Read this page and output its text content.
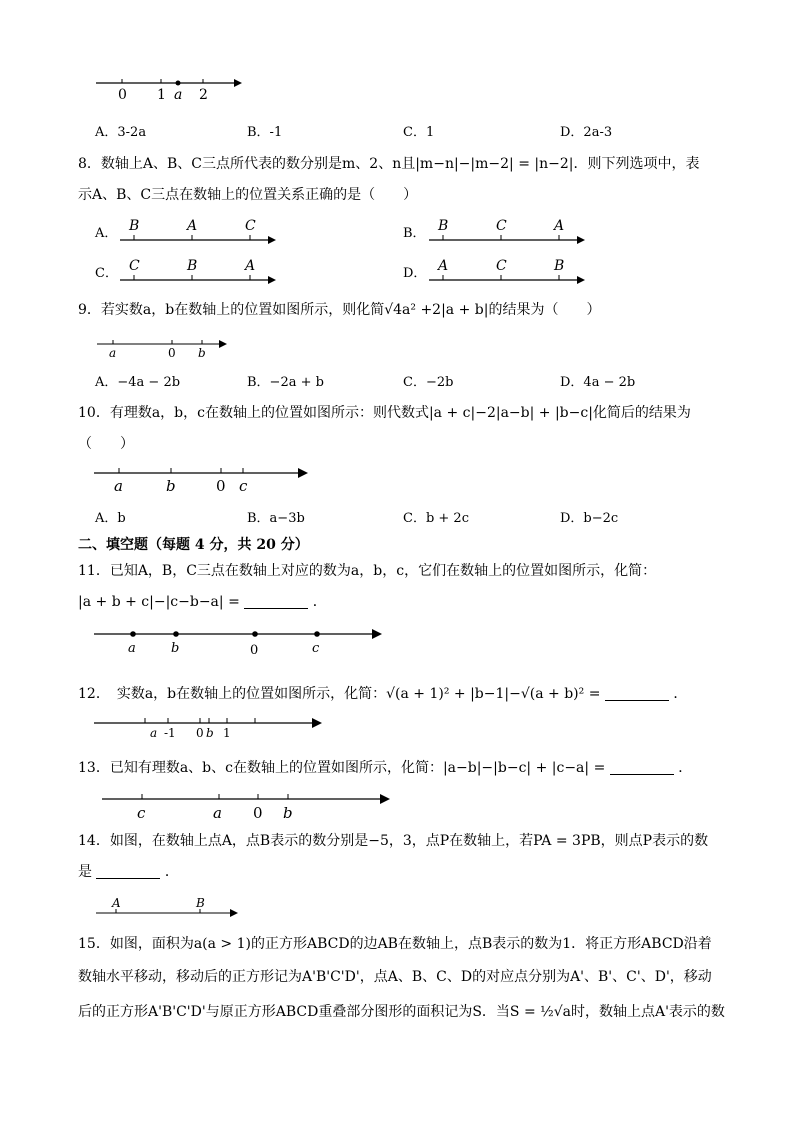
0 1 a 2
A．3-2a	B．-1	C．1	D．2a-3
8．数轴上A、B、C三点所代表的数分别是m、2、n且|m−n|−|m−2| = |n−2|．则下列选项中，表
示A、B、C三点在数轴上的位置关系正确的是（　　）
A． B	A	C	B． B	C	A
C． C	B	A	D． A	C	B
9．若实数a，b在数轴上的位置如图所示，则化简√4a² +2|a + b|的结果为（　　）
a	0 b
A．−4a − 2b	B．−2a + b	C．−2b	D．4a − 2b
10．有理数a，b，c在数轴上的位置如图所示：则代数式|a + c|−2|a−b| + |b−c|化简后的结果为
（　　）
a	b	0 c
A．b	B．a−3b	C．b + 2c	D．b−2c
二、填空题（每题 4 分，共 20 分）
11．已知A，B，C三点在数轴上对应的数为a，b，c，它们在数轴上的位置如图所示，化简：
|a + b + c|−|c−b−a| =	．
a	b	0	c
12．　实数a，b在数轴上的位置如图所示，化简：√(a + 1)² + |b−1|−√(a + b)² =	．
a -1 0 b 1
13．已知有理数a、b、c在数轴上的位置如图所示，化简：|a−b|−|b−c| + |c−a| =	．
c	a 0 b
14．如图，在数轴上点A，点B表示的数分别是−5，3，点P在数轴上，若PA = 3PB，则点P表示的数
是	．
A	B
15．如图，面积为a(a > 1)的正方形ABCD的边AB在数轴上，点B表示的数为1．将正方形ABCD沿着
数轴水平移动，移动后的正方形记为A'B'C'D'，点A、B、C、D的对应点分别为A'、B'、C'、D'，移动
后的正方形A'B'C'D'与原正方形ABCD重叠部分图形的面积记为S．当S = ½√a时，数轴上点A'表示的数
